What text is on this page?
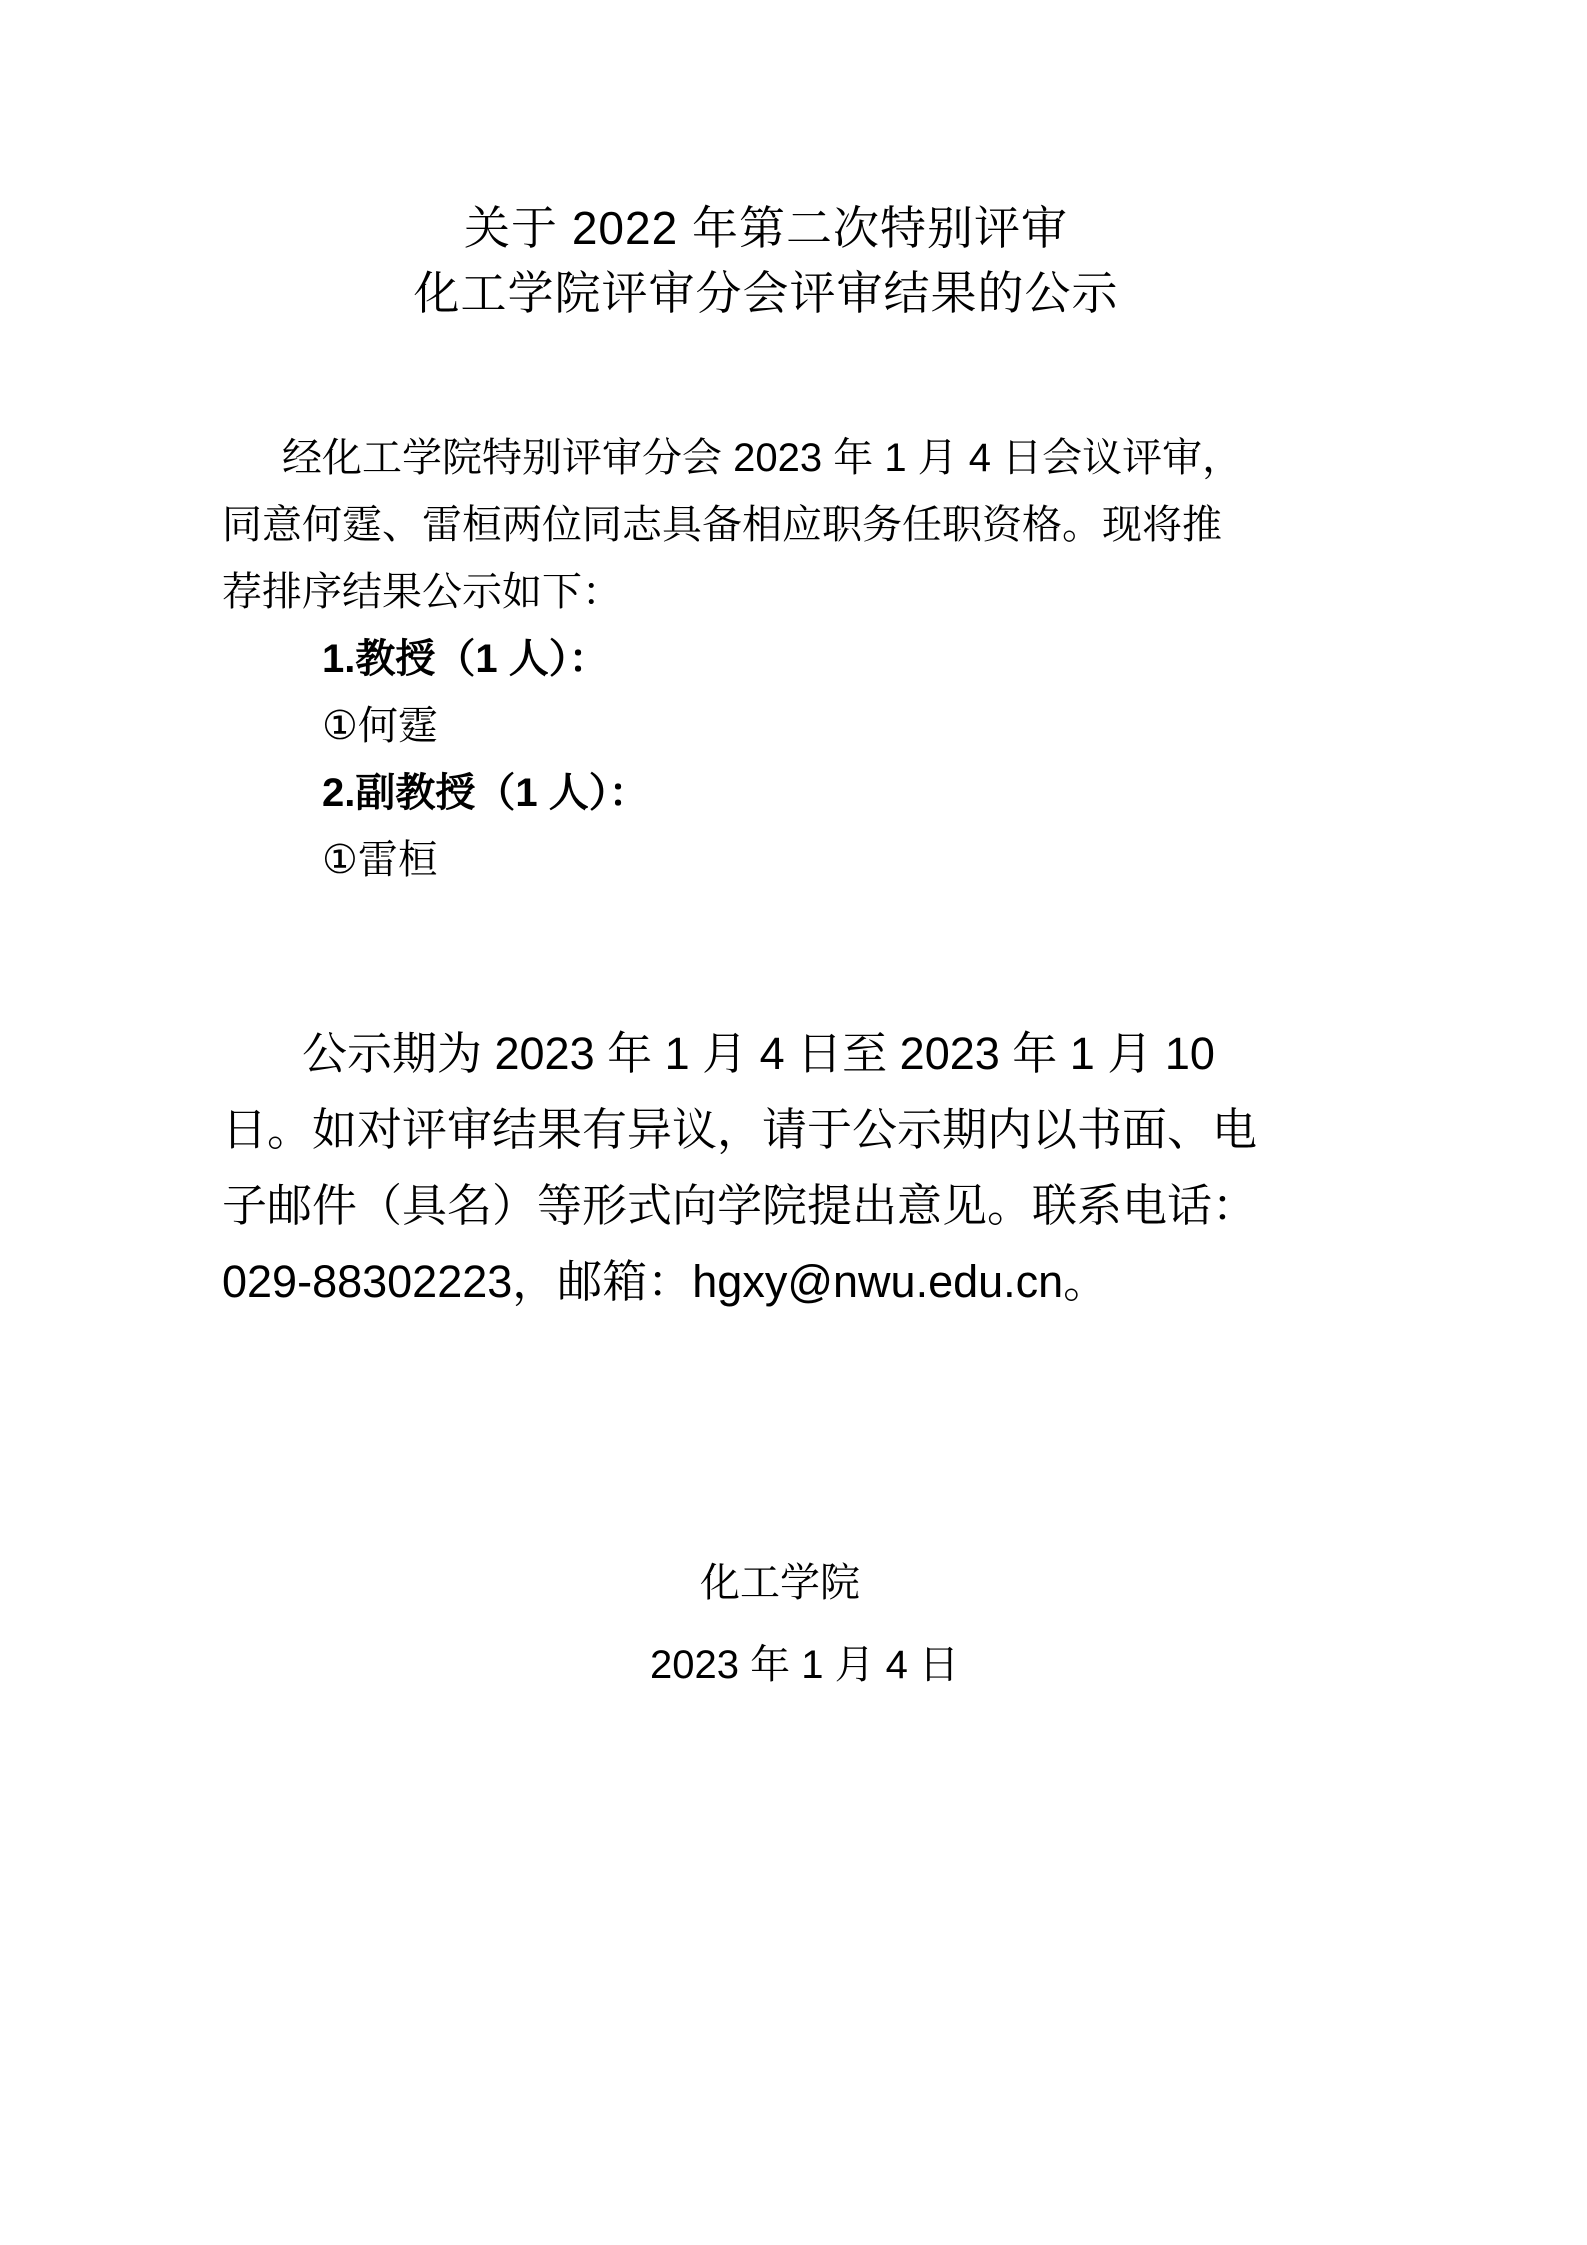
关于 2022 年第二次特别评审
化工学院评审分会评审结果的公示
经化工学院特别评审分会 2023 年 1 月 4 日会议评审，
同意何霆、雷桓两位同志具备相应职务任职资格。现将推
荐排序结果公示如下：
1.教授（1 人）：
①何霆
2.副教授（1 人）：
①雷桓
公示期为 2023 年 1 月 4 日至 2023 年 1 月 10
日。如对评审结果有异议，请于公示期内以书面、电
子邮件（具名）等形式向学院提出意见。联系电话：
029-88302223，邮箱：hgxy@nwu.edu.cn。
化工学院
2023 年 1 月 4 日
